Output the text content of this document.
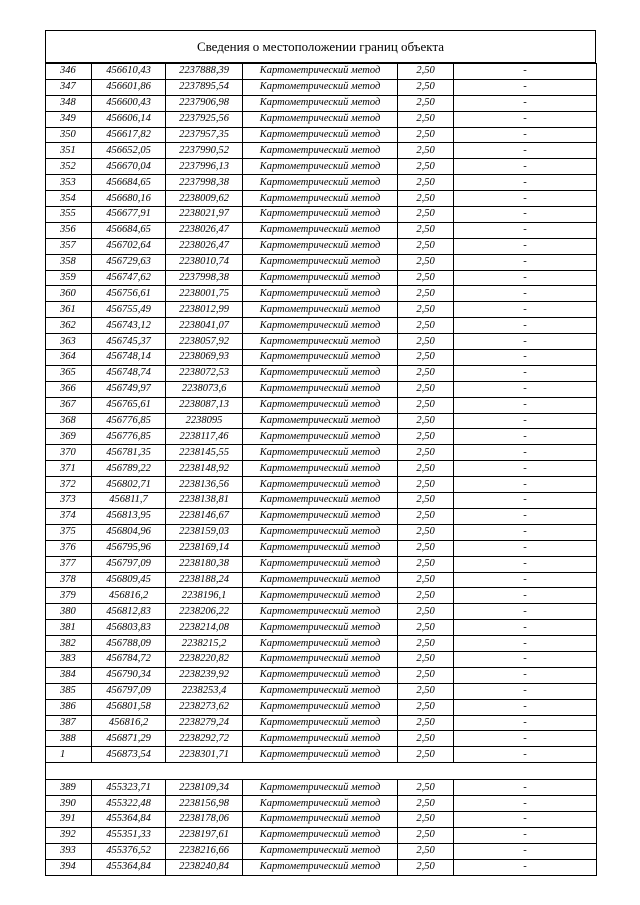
Сведения о местоположении границ объекта
346	456610,43	2237888,39	Картометрический метод	2,50	-
347	456601,86	2237895,54	Картометрический метод	2,50	-
348	456600,43	2237906,98	Картометрический метод	2,50	-
349	456606,14	2237925,56	Картометрический метод	2,50	-
350	456617,82	2237957,35	Картометрический метод	2,50	-
351	456652,05	2237990,52	Картометрический метод	2,50	-
352	456670,04	2237996,13	Картометрический метод	2,50	-
353	456684,65	2237998,38	Картометрический метод	2,50	-
354	456680,16	2238009,62	Картометрический метод	2,50	-
355	456677,91	2238021,97	Картометрический метод	2,50	-
356	456684,65	2238026,47	Картометрический метод	2,50	-
357	456702,64	2238026,47	Картометрический метод	2,50	-
358	456729,63	2238010,74	Картометрический метод	2,50	-
359	456747,62	2237998,38	Картометрический метод	2,50	-
360	456756,61	2238001,75	Картометрический метод	2,50	-
361	456755,49	2238012,99	Картометрический метод	2,50	-
362	456743,12	2238041,07	Картометрический метод	2,50	-
363	456745,37	2238057,92	Картометрический метод	2,50	-
364	456748,14	2238069,93	Картометрический метод	2,50	-
365	456748,74	2238072,53	Картометрический метод	2,50	-
366	456749,97	2238073,6	Картометрический метод	2,50	-
367	456765,61	2238087,13	Картометрический метод	2,50	-
368	456776,85	2238095	Картометрический метод	2,50	-
369	456776,85	2238117,46	Картометрический метод	2,50	-
370	456781,35	2238145,55	Картометрический метод	2,50	-
371	456789,22	2238148,92	Картометрический метод	2,50	-
372	456802,71	2238136,56	Картометрический метод	2,50	-
373	456811,7	2238138,81	Картометрический метод	2,50	-
374	456813,95	2238146,67	Картометрический метод	2,50	-
375	456804,96	2238159,03	Картометрический метод	2,50	-
376	456795,96	2238169,14	Картометрический метод	2,50	-
377	456797,09	2238180,38	Картометрический метод	2,50	-
378	456809,45	2238188,24	Картометрический метод	2,50	-
379	456816,2	2238196,1	Картометрический метод	2,50	-
380	456812,83	2238206,22	Картометрический метод	2,50	-
381	456803,83	2238214,08	Картометрический метод	2,50	-
382	456788,09	2238215,2	Картометрический метод	2,50	-
383	456784,72	2238220,82	Картометрический метод	2,50	-
384	456790,34	2238239,92	Картометрический метод	2,50	-
385	456797,09	2238253,4	Картометрический метод	2,50	-
386	456801,58	2238273,62	Картометрический метод	2,50	-
387	456816,2	2238279,24	Картометрический метод	2,50	-
388	456871,29	2238292,72	Картометрический метод	2,50	-
1	456873,54	2238301,71	Картометрический метод	2,50	-

389	455323,71	2238109,34	Картометрический метод	2,50	-
390	455322,48	2238156,98	Картометрический метод	2,50	-
391	455364,84	2238178,06	Картометрический метод	2,50	-
392	455351,33	2238197,61	Картометрический метод	2,50	-
393	455376,52	2238216,66	Картометрический метод	2,50	-
394	455364,84	2238240,84	Картометрический метод	2,50	-
